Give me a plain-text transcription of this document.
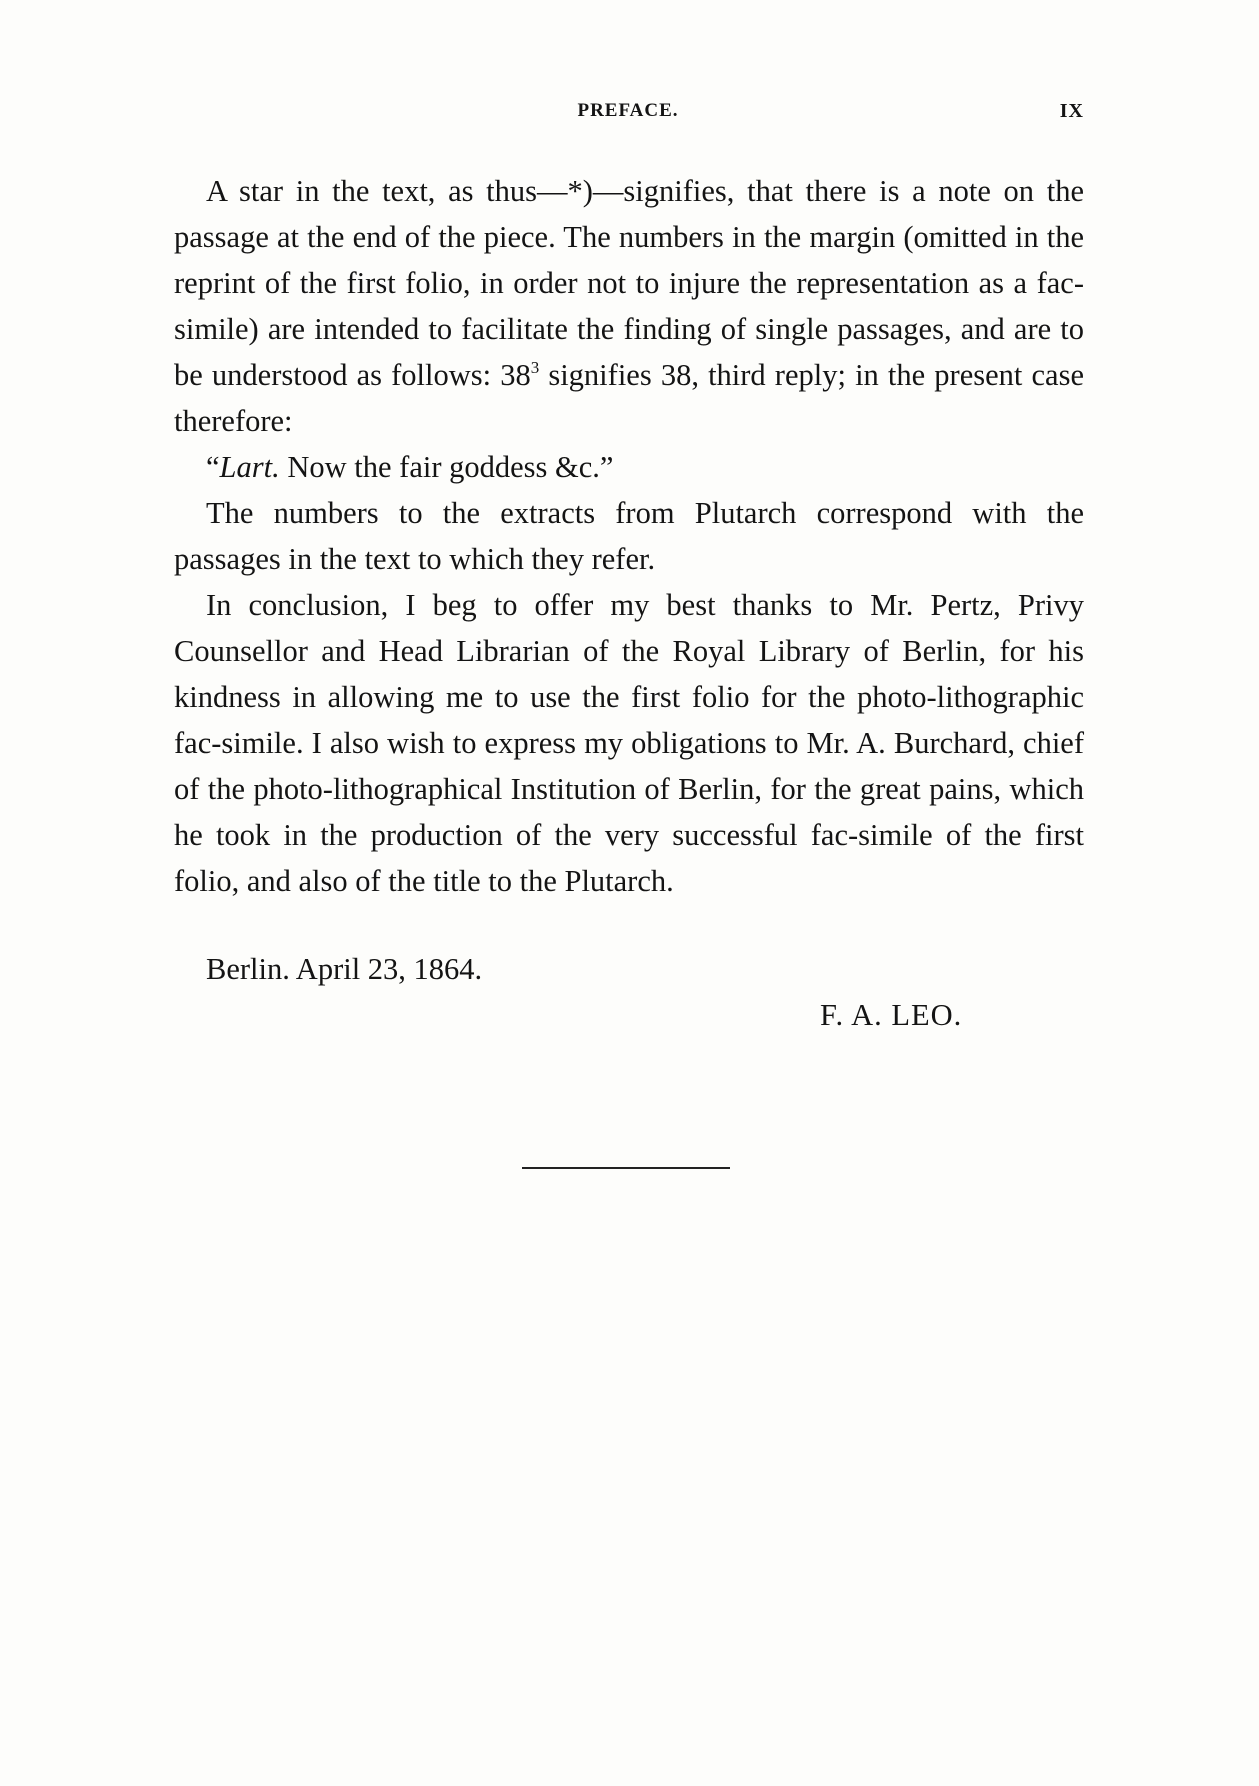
PREFACE.	IX

A star in the text, as thus—*)—signifies, that there is a note on the passage at the end of the piece. The numbers in the margin (omitted in the reprint of the first folio, in order not to injure the representation as a fac-simile) are intended to facilitate the finding of single passages, and are to be understood as follows: $38^3$ signifies 38, third reply; in the present case therefore:

“Lart. Now the fair goddess &c.”

The numbers to the extracts from Plutarch correspond with the passages in the text to which they refer.

In conclusion, I beg to offer my best thanks to Mr. Pertz, Privy Counsellor and Head Librarian of the Royal Library of Berlin, for his kindness in allowing me to use the first folio for the photo-lithographic fac-simile. I also wish to express my obligations to Mr. A. Burchard, chief of the photo-lithographical Institution of Berlin, for the great pains, which he took in the production of the very successful fac-simile of the first folio, and also of the title to the Plutarch.

Berlin. April 23, 1864.
F. A. LEO.
